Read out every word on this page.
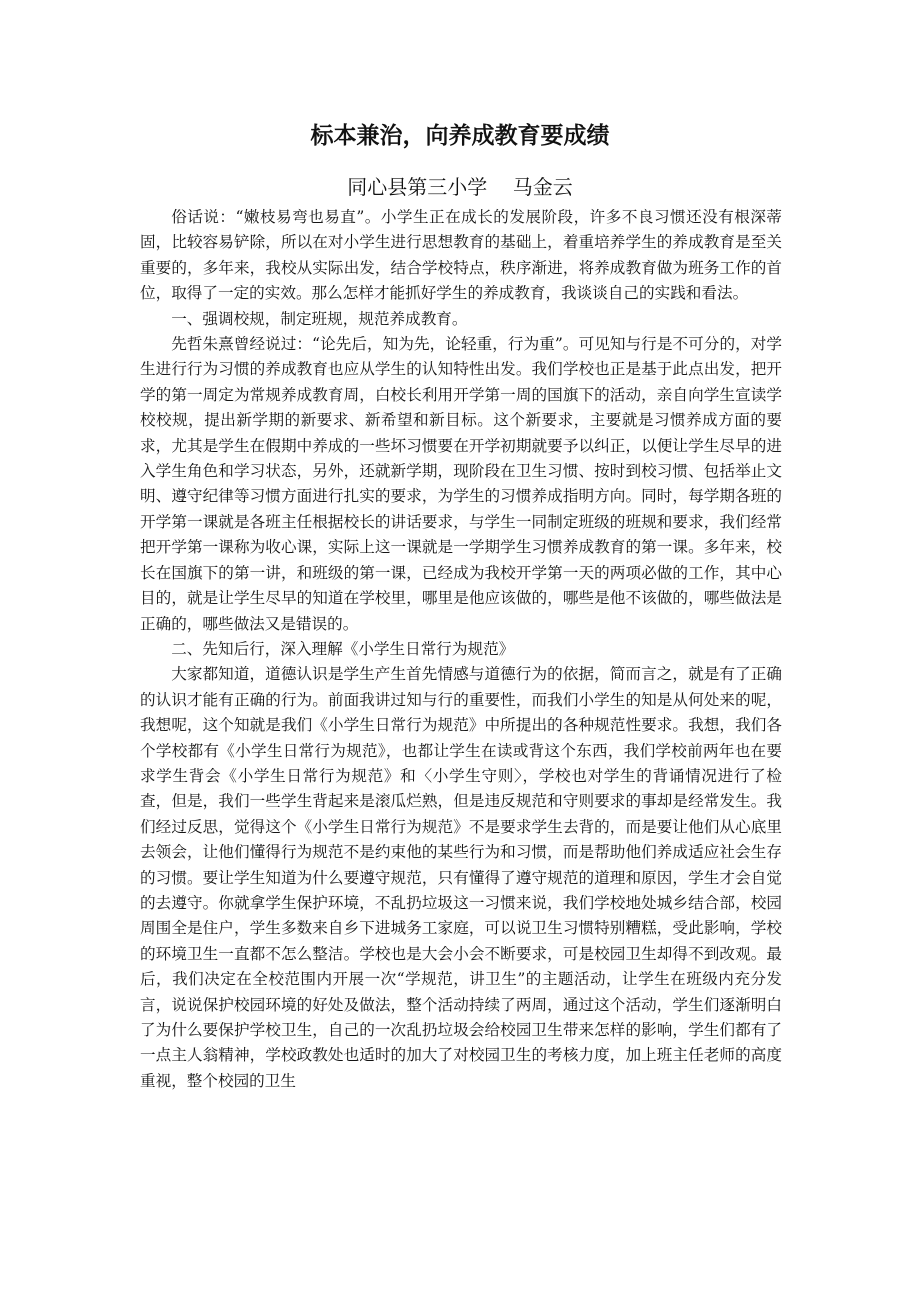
标本兼治，向养成教育要成绩
同心县第三小学    马金云

俗话说：“嫩枝易弯也易直”。小学生正在成长的发展阶段，许多不良习惯还没有根深蒂固，比较容易铲除，所以在对小学生进行思想教育的基础上，着重培养学生的养成教育是至关重要的，多年来，我校从实际出发，结合学校特点，秩序渐进，将养成教育做为班务工作的首位，取得了一定的实效。那么怎样才能抓好学生的养成教育，我谈谈自己的实践和看法。

一、强调校规，制定班规，规范养成教育。

先哲朱熹曾经说过：“论先后，知为先，论轻重，行为重”。可见知与行是不可分的，对学生进行行为习惯的养成教育也应从学生的认知特性出发。我们学校也正是基于此点出发，把开学的第一周定为常规养成教育周，白校长利用开学第一周的国旗下的活动，亲自向学生宣读学校校规，提出新学期的新要求、新希望和新目标。这个新要求，主要就是习惯养成方面的要求，尤其是学生在假期中养成的一些坏习惯要在开学初期就要予以纠正，以便让学生尽早的进入学生角色和学习状态，另外，还就新学期，现阶段在卫生习惯、按时到校习惯、包括举止文明、遵守纪律等习惯方面进行扎实的要求，为学生的习惯养成指明方向。同时，每学期各班的开学第一课就是各班主任根据校长的讲话要求，与学生一同制定班级的班规和要求，我们经常把开学第一课称为收心课，实际上这一课就是一学期学生习惯养成教育的第一课。多年来，校长在国旗下的第一讲，和班级的第一课，已经成为我校开学第一天的两项必做的工作，其中心目的，就是让学生尽早的知道在学校里，哪里是他应该做的，哪些是他不该做的，哪些做法是正确的，哪些做法又是错误的。

二、先知后行，深入理解《小学生日常行为规范》

大家都知道，道德认识是学生产生首先情感与道德行为的依据，简而言之，就是有了正确的认识才能有正确的行为。前面我讲过知与行的重要性，而我们小学生的知是从何处来的呢，我想呢，这个知就是我们《小学生日常行为规范》中所提出的各种规范性要求。我想，我们各个学校都有《小学生日常行为规范》，也都让学生在读或背这个东西，我们学校前两年也在要求学生背会《小学生日常行为规范》和〈小学生守则〉，学校也对学生的背诵情况进行了检查，但是，我们一些学生背起来是滚瓜烂熟，但是违反规范和守则要求的事却是经常发生。我们经过反思，觉得这个《小学生日常行为规范》不是要求学生去背的，而是要让他们从心底里去领会，让他们懂得行为规范不是约束他的某些行为和习惯，而是帮助他们养成适应社会生存的习惯。要让学生知道为什么要遵守规范，只有懂得了遵守规范的道理和原因，学生才会自觉的去遵守。你就拿学生保护环境，不乱扔垃圾这一习惯来说，我们学校地处城乡结合部，校园周围全是住户，学生多数来自乡下进城务工家庭，可以说卫生习惯特别糟糕，受此影响，学校的环境卫生一直都不怎么整洁。学校也是大会小会不断要求，可是校园卫生却得不到改观。最后，我们决定在全校范围内开展一次“学规范，讲卫生”的主题活动，让学生在班级内充分发言，说说保护校园环境的好处及做法，整个活动持续了两周，通过这个活动，学生们逐渐明白了为什么要保护学校卫生，自己的一次乱扔垃圾会给校园卫生带来怎样的影响，学生们都有了一点主人翁精神，学校政教处也适时的加大了对校园卫生的考核力度，加上班主任老师的高度重视，整个校园的卫生
